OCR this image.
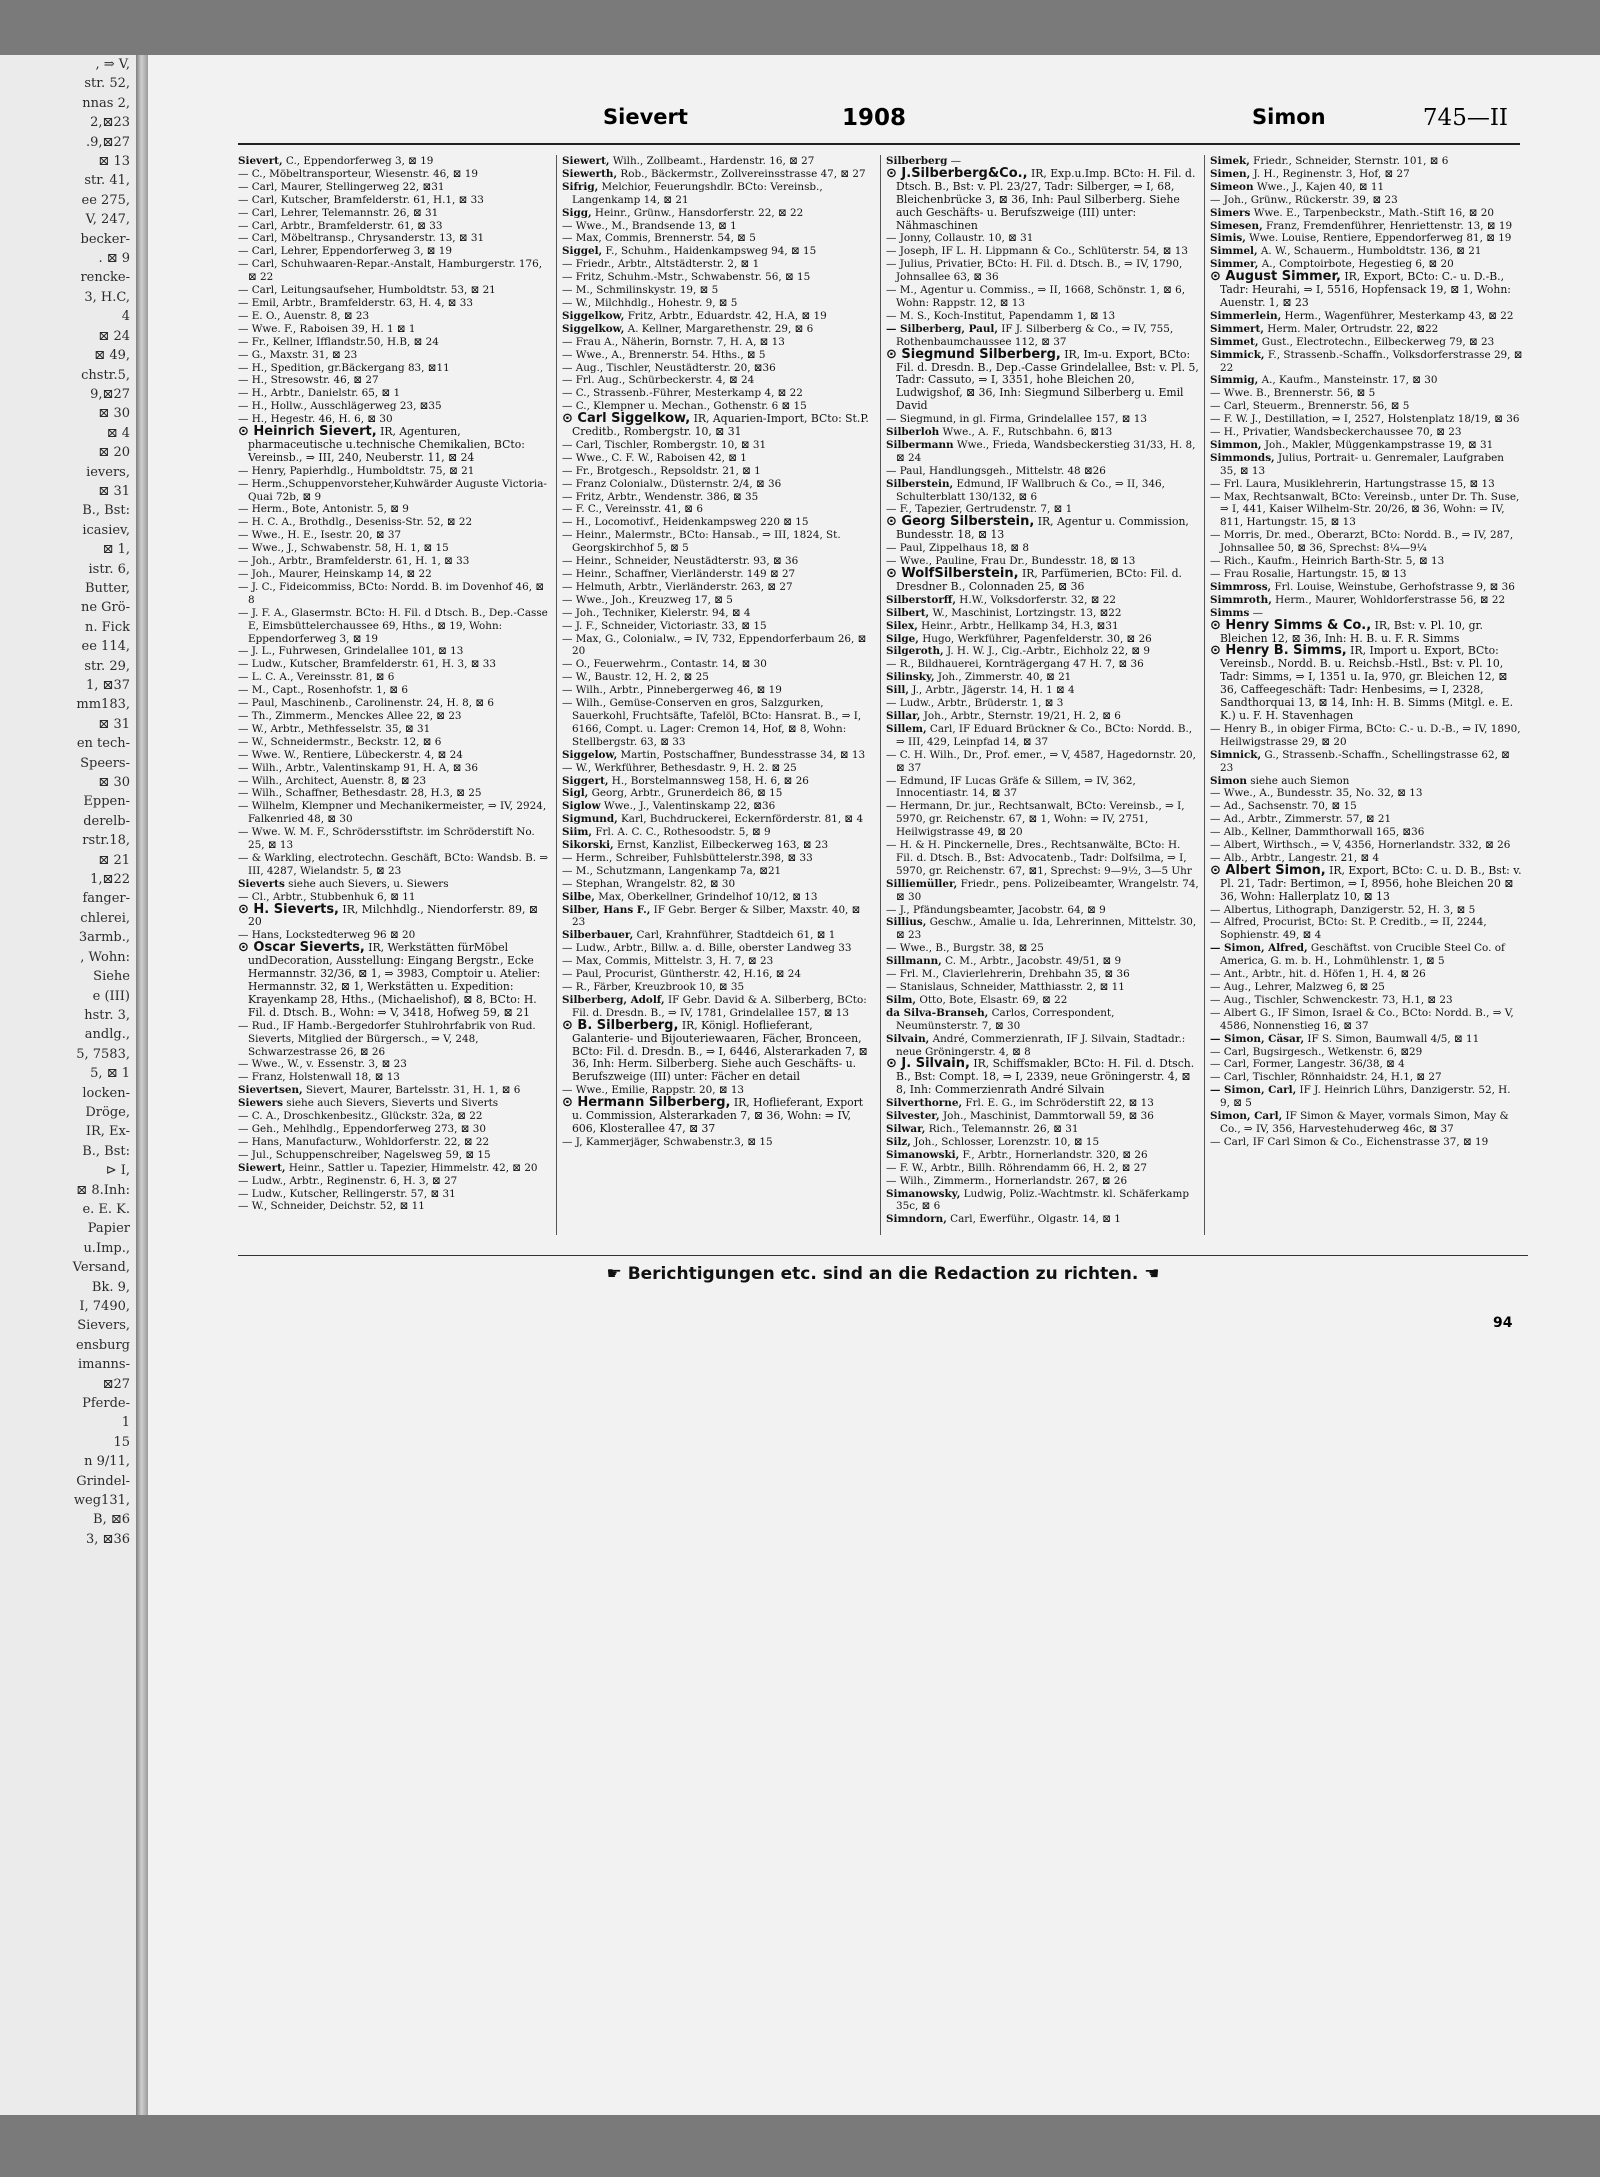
, ⇒ V,
str. 52,
nnas 2,
2,⊠23
.9,⊠27
⊠ 13
str. 41,
ee 275,
V, 247,
becker-
. ⊠ 9
rencke-
3, H.C,
4
⊠ 24
⊠ 49,
chstr.5,
9,⊠27
⊠ 30
⊠ 4
⊠ 20
ievers,
⊠ 31
B., Bst:
icasiev,
⊠ 1,
istr. 6,
Butter,
ne Grö-
n. Fick
ee 114,
str. 29,
1, ⊠37
mm183,
⊠ 31
en tech-
Speers-
⊠ 30
Eppen-
derelb-
rstr.18,
⊠ 21
1,⊠22
fanger-
chlerei,
3armb.,
, Wohn:
Siehe
e (III)
hstr. 3,
andlg.,
5, 7583,
5, ⊠ 1
locken-
Dröge,
IR, Ex-
B., Bst:
⊳ I,
⊠ 8.Inh:
e. E. K.
Papier
u.Imp.,
Versand,
Bk. 9,
I, 7490,
Sievers,
ensburg
imanns-
⊠27
Pferde-
1
15
n 9/11,
Grindel-
weg131,
B, ⊠6
3, ⊠36
Sievert	1908	Simon	745—II

Sievert, C., Eppendorferweg 3, ⊠ 19

— C., Möbeltransporteur, Wiesenstr. 46, ⊠ 19

— Carl, Maurer, Stellingerweg 22, ⊠31

— Carl, Kutscher, Bramfelderstr. 61, H.1, ⊠ 33

— Carl, Lehrer, Telemannstr. 26, ⊠ 31

— Carl, Arbtr., Bramfelderstr. 61, ⊠ 33

— Carl, Möbeltransp., Chrysanderstr. 13, ⊠ 31

— Carl, Lehrer, Eppendorferweg 3, ⊠ 19

— Carl, Schuhwaaren-Repar.-Anstalt, Hamburgerstr. 176, ⊠ 22

— Carl, Leitungsaufseher, Humboldtstr. 53, ⊠ 21

— Emil, Arbtr., Bramfelderstr. 63, H. 4, ⊠ 33

— E. O., Auenstr. 8, ⊠ 23

— Wwe. F., Raboisen 39, H. 1 ⊠ 1

— Fr., Kellner, Ifflandstr.50, H.B, ⊠ 24

— G., Maxstr. 31, ⊠ 23

— H., Spedition, gr.Bäckergang 83, ⊠11

— H., Stresowstr. 46, ⊠ 27

— H., Arbtr., Danielstr. 65, ⊠ 1

— H., Hollw., Ausschlägerweg 23, ⊠35

— H., Hegestr. 46, H. 6, ⊠ 30

⊙ Heinrich Sievert, IR, Agenturen, pharmaceutische u.technische Chemikalien, BCto: Vereinsb., ⇒ III, 240, Neuberstr. 11, ⊠ 24

— Henry, Papierhdlg., Humboldtstr. 75, ⊠ 21

— Herm.,Schuppenvorsteher,Kuhwärder Auguste Victoria-Quai 72b, ⊠ 9

— Herm., Bote, Antonistr. 5, ⊠ 9

— H. C. A., Brothdlg., Deseniss-Str. 52, ⊠ 22

— Wwe., H. E., Isestr. 20, ⊠ 37

— Wwe., J., Schwabenstr. 58, H. 1, ⊠ 15

— Joh., Arbtr., Bramfelderstr. 61, H. 1, ⊠ 33

— Joh., Maurer, Heinskamp 14, ⊠ 22

— J. C., Fideicommiss, BCto: Nordd. B. im Dovenhof 46, ⊠ 8

— J. F. A., Glasermstr. BCto: H. Fil. d Dtsch. B., Dep.-Casse E, Eimsbüttelerchaussee 69, Hths., ⊠ 19, Wohn: Eppendorferweg 3, ⊠ 19

— J. L., Fuhrwesen, Grindelallee 101, ⊠ 13

— Ludw., Kutscher, Bramfelderstr. 61, H. 3, ⊠ 33

— L. C. A., Vereinsstr. 81, ⊠ 6

— M., Capt., Rosenhofstr. 1, ⊠ 6

— Paul, Maschinenb., Carolinenstr. 24, H. 8, ⊠ 6

— Th., Zimmerm., Menckes Allee 22, ⊠ 23

— W., Arbtr., Methfesselstr. 35, ⊠ 31

— W., Schneidermstr., Beckstr. 12, ⊠ 6

— Wwe. W., Rentiere, Lübeckerstr. 4, ⊠ 24

— Wilh., Arbtr., Valentinskamp 91, H. A, ⊠ 36

— Wilh., Architect, Auenstr. 8, ⊠ 23

— Wilh., Schaffner, Bethesdastr. 28, H.3, ⊠ 25

— Wilhelm, Klempner und Mechanikermeister, ⇒ IV, 2924, Falkenried 48, ⊠ 30

— Wwe. W. M. F., Schrödersstiftstr. im Schröderstift No. 25, ⊠ 13

— & Warkling, electrotechn. Geschäft, BCto: Wandsb. B. ⇒ III, 4287, Wielandstr. 5, ⊠ 23

Sieverts siehe auch Sievers, u. Siewers

— Cl., Arbtr., Stubbenhuk 6, ⊠ 11

⊙ H. Sieverts, IR, Milchhdlg., Niendorferstr. 89, ⊠ 20

— Hans, Lockstedterweg 96 ⊠ 20

⊙ Oscar Sieverts, IR, Werkstätten fürMöbel undDecoration, Ausstellung: Eingang Bergstr., Ecke Hermannstr. 32/36, ⊠ 1, ⇒ 3983, Comptoir u. Atelier: Hermannstr. 32, ⊠ 1, Werkstätten u. Expedition: Krayenkamp 28, Hths., (Michaelishof), ⊠ 8, BCto: H. Fil. d. Dtsch. B., Wohn: ⇒ V, 3418, Hofweg 59, ⊠ 21

— Rud., IF Hamb.-Bergedorfer Stuhlrohrfabrik von Rud. Sieverts, Mitglied der Bürgersch., ⇒ V, 248, Schwarzestrasse 26, ⊠ 26

— Wwe., W., v. Essenstr. 3, ⊠ 23

— Franz, Holstenwall 18, ⊠ 13

Sievertsen, Sievert, Maurer, Bartelsstr. 31, H. 1, ⊠ 6

Siewers siehe auch Sievers, Sieverts und Siverts

— C. A., Droschkenbesitz., Glückstr. 32a, ⊠ 22

— Geh., Mehlhdlg., Eppendorferweg 273, ⊠ 30

— Hans, Manufacturw., Wohldorferstr. 22, ⊠ 22

— Jul., Schuppenschreiber, Nagelsweg 59, ⊠ 15

Siewert, Heinr., Sattler u. Tapezier, Himmelstr. 42, ⊠ 20

— Ludw., Arbtr., Reginenstr. 6, H. 3, ⊠ 27

— Ludw., Kutscher, Rellingerstr. 57, ⊠ 31

— W., Schneider, Deichstr. 52, ⊠ 11

Siewert, Wilh., Zollbeamt., Hardenstr. 16, ⊠ 27

Siewerth, Rob., Bäckermstr., Zollvereinsstrasse 47, ⊠ 27

Sifrig, Melchior, Feuerungshdlr. BCto: Vereinsb., Langenkamp 14, ⊠ 21

Sigg, Heinr., Grünw., Hansdorferstr. 22, ⊠ 22

— Wwe., M., Brandsende 13, ⊠ 1

— Max, Commis, Brennerstr. 54, ⊠ 5

Siggel, F., Schuhm., Haidenkampsweg 94, ⊠ 15

— Friedr., Arbtr., Altstädterstr. 2, ⊠ 1

— Fritz, Schuhm.-Mstr., Schwabenstr. 56, ⊠ 15

— M., Schmilinskystr. 19, ⊠ 5

— W., Milchhdlg., Hohestr. 9, ⊠ 5

Siggelkow, Fritz, Arbtr., Eduardstr. 42, H.A, ⊠ 19

Siggelkow, A. Kellner, Margarethenstr. 29, ⊠ 6

— Frau A., Näherin, Bornstr. 7, H. A, ⊠ 13

— Wwe., A., Brennerstr. 54. Hths., ⊠ 5

— Aug., Tischler, Neustädterstr. 20, ⊠36

— Frl. Aug., Schürbeckerstr. 4, ⊠ 24

— C., Strassenb.-Führer, Mesterkamp 4, ⊠ 22

— C., Klempner u. Mechan., Gothenstr. 6 ⊠ 15

⊙ Carl Siggelkow, IR, Aquarien-Import, BCto: St.P. Creditb., Rombergstr. 10, ⊠ 31

— Carl, Tischler, Rombergstr. 10, ⊠ 31

— Wwe., C. F. W., Raboisen 42, ⊠ 1

— Fr., Brotgesch., Repsoldstr. 21, ⊠ 1

— Franz Colonialw., Düsternstr. 2/4, ⊠ 36

— Fritz, Arbtr., Wendenstr. 386, ⊠ 35

— F. C., Vereinsstr. 41, ⊠ 6

— H., Locomotivf., Heidenkampsweg 220 ⊠ 15

— Heinr., Malermstr., BCto: Hansab., ⇒ III, 1824, St. Georgskirchhof 5, ⊠ 5

— Heinr., Schneider, Neustädterstr. 93, ⊠ 36

— Heinr., Schaffner, Vierländerstr. 149 ⊠ 27

— Helmuth, Arbtr., Vierländerstr. 263, ⊠ 27

— Wwe., Joh., Kreuzweg 17, ⊠ 5

— Joh., Techniker, Kielerstr. 94, ⊠ 4

— J. F., Schneider, Victoriastr. 33, ⊠ 15

— Max, G., Colonialw., ⇒ IV, 732, Eppendorferbaum 26, ⊠ 20

— O., Feuerwehrm., Contastr. 14, ⊠ 30

— W., Baustr. 12, H. 2, ⊠ 25

— Wilh., Arbtr., Pinnebergerweg 46, ⊠ 19

— Wilh., Gemüse-Conserven en gros, Salzgurken, Sauerkohl, Fruchtsäfte, Tafelöl, BCto: Hansrat. B., ⇒ I, 6166, Compt. u. Lager: Cremon 14, Hof, ⊠ 8, Wohn: Stellbergstr. 63, ⊠ 33

Siggelow, Martin, Postschaffner, Bundesstrasse 34, ⊠ 13

— W., Werkführer, Bethesdastr. 9, H. 2. ⊠ 25

Siggert, H., Borstelmannsweg 158, H. 6, ⊠ 26

Sigl, Georg, Arbtr., Grunerdeich 86, ⊠ 15

Siglow Wwe., J., Valentinskamp 22, ⊠36

Sigmund, Karl, Buchdruckerei, Eckernförderstr. 81, ⊠ 4

Siim, Frl. A. C. C., Rothesoodstr. 5, ⊠ 9

Sikorski, Ernst, Kanzlist, Eilbeckerweg 163, ⊠ 23

— Herm., Schreiber, Fuhlsbüttelerstr.398, ⊠ 33

— M., Schutzmann, Langenkamp 7a, ⊠21

— Stephan, Wrangelstr. 82, ⊠ 30

Silbe, Max, Oberkellner, Grindelhof 10/12, ⊠ 13

Silber, Hans F., IF Gebr. Berger & Silber, Maxstr. 40, ⊠ 23

Silberbauer, Carl, Krahnführer, Stadtdeich 61, ⊠ 1

— Ludw., Arbtr., Billw. a. d. Bille, oberster Landweg 33

— Max, Commis, Mittelstr. 3, H. 7, ⊠ 23

— Paul, Procurist, Güntherstr. 42, H.16, ⊠ 24

— R., Färber, Kreuzbrook 10, ⊠ 35

Silberberg, Adolf, IF Gebr. David & A. Silberberg, BCto: Fil. d. Dresdn. B., ⇒ IV, 1781, Grindelallee 157, ⊠ 13

⊙ B. Silberberg, IR, Königl. Hoflieferant, Galanterie- und Bijouteriewaaren, Fächer, Bronceen, BCto: Fil. d. Dresdn. B., ⇒ I, 6446, Alsterarkaden 7, ⊠ 36, Inh: Herm. Silberberg. Siehe auch Geschäfts- u. Berufszweige (III) unter: Fächer en detail

— Wwe., Emilie, Rappstr. 20, ⊠ 13

⊙ Hermann Silberberg, IR, Hoflieferant, Export u. Commission, Alsterarkaden 7, ⊠ 36, Wohn: ⇒ IV, 606, Klosterallee 47, ⊠ 37

— J, Kammerjäger, Schwabenstr.3, ⊠ 15

Silberberg —

⊙ J.Silberberg&Co., IR, Exp.u.Imp. BCto: H. Fil. d. Dtsch. B., Bst: v. Pl. 23/27, Tadr: Silberger, ⇒ I, 68, Bleichenbrücke 3, ⊠ 36, Inh: Paul Silberberg. Siehe auch Geschäfts- u. Berufszweige (III) unter: Nähmaschinen

— Jonny, Collaustr. 10, ⊠ 31

— Joseph, IF L. H. Lippmann & Co., Schlüterstr. 54, ⊠ 13

— Julius, Privatier, BCto: H. Fil. d. Dtsch. B., ⇒ IV, 1790, Johnsallee 63, ⊠ 36

— M., Agentur u. Commiss., ⇒ II, 1668, Schönstr. 1, ⊠ 6, Wohn: Rappstr. 12, ⊠ 13

— M. S., Koch-Institut, Papendamm 1, ⊠ 13

— Silberberg, Paul, IF J. Silberberg & Co., ⇒ IV, 755, Rothenbaumchaussee 112, ⊠ 37

⊙ Siegmund Silberberg, IR, Im-u. Export, BCto: Fil. d. Dresdn. B., Dep.-Casse Grindelallee, Bst: v. Pl. 5, Tadr: Cassuto, ⇒ I, 3351, hohe Bleichen 20, Ludwigshof, ⊠ 36, Inh: Siegmund Silberberg u. Emil David

— Siegmund, in gl. Firma, Grindelallee 157, ⊠ 13

Silberloh Wwe., A. F., Rutschbahn. 6, ⊠13

Silbermann Wwe., Frieda, Wandsbeckerstieg 31/33, H. 8, ⊠ 24

— Paul, Handlungsgeh., Mittelstr. 48 ⊠26

Silberstein, Edmund, IF Wallbruch & Co., ⇒ II, 346, Schulterblatt 130/132, ⊠ 6

— F., Tapezier, Gertrudenstr. 7, ⊠ 1

⊙ Georg Silberstein, IR, Agentur u. Commission, Bundesstr. 18, ⊠ 13

— Paul, Zippelhaus 18, ⊠ 8

— Wwe., Pauline, Frau Dr., Bundesstr. 18, ⊠ 13

⊙ WolfSilberstein, IR, Parfümerien, BCto: Fil. d. Dresdner B., Colonnaden 25, ⊠ 36

Silberstorff, H.W., Volksdorferstr. 32, ⊠ 22

Silbert, W., Maschinist, Lortzingstr. 13, ⊠22

Silex, Heinr., Arbtr., Hellkamp 34, H.3, ⊠31

Silge, Hugo, Werkführer, Pagenfelderstr. 30, ⊠ 26

Silgeroth, J. H. W. J., Cig.-Arbtr., Eichholz 22, ⊠ 9

— R., Bildhauerei, Kornträgergang 47 H. 7, ⊠ 36

Silinsky, Joh., Zimmerstr. 40, ⊠ 21

Sill, J., Arbtr., Jägerstr. 14, H. 1 ⊠ 4

— Ludw., Arbtr., Brüderstr. 1, ⊠ 3

Sillar, Joh., Arbtr., Sternstr. 19/21, H. 2, ⊠ 6

Sillem, Carl, IF Eduard Brückner & Co., BCto: Nordd. B., ⇒ III, 429, Leinpfad 14, ⊠ 37

— C. H. Wilh., Dr., Prof. emer., ⇒ V, 4587, Hagedornstr. 20, ⊠ 37

— Edmund, IF Lucas Gräfe & Sillem, ⇒ IV, 362, Innocentiastr. 14, ⊠ 37

— Hermann, Dr. jur., Rechtsanwalt, BCto: Vereinsb., ⇒ I, 5970, gr. Reichenstr. 67, ⊠ 1, Wohn: ⇒ IV, 2751, Heilwigstrasse 49, ⊠ 20

— H. & H. Pinckernelle, Dres., Rechtsanwälte, BCto: H. Fil. d. Dtsch. B., Bst: Advocatenb., Tadr: Dolfsilma, ⇒ I, 5970, gr. Reichenstr. 67, ⊠1, Sprechst: 9—9½, 3—5 Uhr

Silliemüller, Friedr., pens. Polizeibeamter, Wrangelstr. 74, ⊠ 30

— J., Pfändungsbeamter, Jacobstr. 64, ⊠ 9

Sillius, Geschw., Amalie u. Ida, Lehrerinnen, Mittelstr. 30, ⊠ 23

— Wwe., B., Burgstr. 38, ⊠ 25

Sillmann, C. M., Arbtr., Jacobstr. 49/51, ⊠ 9

— Frl. M., Clavierlehrerin, Drehbahn 35, ⊠ 36

— Stanislaus, Schneider, Matthiasstr. 2, ⊠ 11

Silm, Otto, Bote, Elsastr. 69, ⊠ 22

da Silva-Branseh, Carlos, Correspondent, Neumünsterstr. 7, ⊠ 30

Silvain, André, Commerzienrath, IF J. Silvain, Stadtadr.: neue Gröningerstr. 4, ⊠ 8

⊙ J. Silvain, IR, Schiffsmakler, BCto: H. Fil. d. Dtsch. B., Bst: Compt. 18, ⇒ I, 2339, neue Gröningerstr. 4, ⊠ 8, Inh: Commerzienrath André Silvain

Silverthorne, Frl. E. G., im Schröderstift 22, ⊠ 13

Silvester, Joh., Maschinist, Dammtorwall 59, ⊠ 36

Silwar, Rich., Telemannstr. 26, ⊠ 31

Silz, Joh., Schlosser, Lorenzstr. 10, ⊠ 15

Simanowski, F., Arbtr., Hornerlandstr. 320, ⊠ 26

— F. W., Arbtr., Billh. Röhrendamm 66, H. 2, ⊠ 27

— Wilh., Zimmerm., Hornerlandstr. 267, ⊠ 26

Simanowsky, Ludwig, Poliz.-Wachtmstr. kl. Schäferkamp 35c, ⊠ 6

Simndorn, Carl, Ewerführ., Olgastr. 14, ⊠ 1

Simek, Friedr., Schneider, Sternstr. 101, ⊠ 6

Simen, J. H., Reginenstr. 3, Hof, ⊠ 27

Simeon Wwe., J., Kajen 40, ⊠ 11

— Joh., Grünw., Rückerstr. 39, ⊠ 23

Simers Wwe. E., Tarpenbeckstr., Math.-Stift 16, ⊠ 20

Simesen, Franz, Fremdenführer, Henriettenstr. 13, ⊠ 19

Simis, Wwe. Louise, Rentiere, Eppendorferweg 81, ⊠ 19

Simmel, A. W., Schauerm., Humboldtstr. 136, ⊠ 21

Simmer, A., Comptoirbote, Hegestieg 6, ⊠ 20

⊙ August Simmer, IR, Export, BCto: C.- u. D.-B., Tadr: Heurahi, ⇒ I, 5516, Hopfensack 19, ⊠ 1, Wohn: Auenstr. 1, ⊠ 23

Simmerlein, Herm., Wagenführer, Mesterkamp 43, ⊠ 22

Simmert, Herm. Maler, Ortrudstr. 22, ⊠22

Simmet, Gust., Electrotechn., Eilbeckerweg 79, ⊠ 23

Simmick, F., Strassenb.-Schaffn., Volksdorferstrasse 29, ⊠ 22

Simmig, A., Kaufm., Mansteinstr. 17, ⊠ 30

— Wwe. B., Brennerstr. 56, ⊠ 5

— Carl, Steuerm., Brennerstr. 56, ⊠ 5

— F. W. J., Destillation, ⇒ I, 2527, Holstenplatz 18/19, ⊠ 36

— H., Privatier, Wandsbeckerchaussee 70, ⊠ 23

Simmon, Joh., Makler, Müggenkampstrasse 19, ⊠ 31

Simmonds, Julius, Portrait- u. Genremaler, Laufgraben 35, ⊠ 13

— Frl. Laura, Musiklehrerin, Hartungstrasse 15, ⊠ 13

— Max, Rechtsanwalt, BCto: Vereinsb., unter Dr. Th. Suse, ⇒ I, 441, Kaiser Wilhelm-Str. 20/26, ⊠ 36, Wohn: ⇒ IV, 811, Hartungstr. 15, ⊠ 13

— Morris, Dr. med., Oberarzt, BCto: Nordd. B., ⇒ IV, 287, Johnsallee 50, ⊠ 36, Sprechst: 8¼—9¼

— Rich., Kaufm., Heinrich Barth-Str. 5, ⊠ 13

— Frau Rosalie, Hartungstr. 15, ⊠ 13

Simmross, Frl. Louise, Weinstube, Gerhofstrasse 9, ⊠ 36

Simmroth, Herm., Maurer, Wohldorferstrasse 56, ⊠ 22

Simms —

⊙ Henry Simms & Co., IR, Bst: v. Pl. 10, gr. Bleichen 12, ⊠ 36, Inh: H. B. u. F. R. Simms

⊙ Henry B. Simms, IR, Import u. Export, BCto: Vereinsb., Nordd. B. u. Reichsb.-Hstl., Bst: v. Pl. 10, Tadr: Simms, ⇒ I, 1351 u. Ia, 970, gr. Bleichen 12, ⊠ 36, Caffeegeschäft: Tadr: Henbesims, ⇒ I, 2328, Sandthorquai 13, ⊠ 14, Inh: H. B. Simms (Mitgl. e. E. K.) u. F. H. Stavenhagen

— Henry B., in obiger Firma, BCto: C.- u. D.-B., ⇒ IV, 1890, Heilwigstrasse 29, ⊠ 20

Simnick, G., Strassenb.-Schaffn., Schellingstrasse 62, ⊠ 23

Simon siehe auch Siemon

— Wwe., A., Bundesstr. 35, No. 32, ⊠ 13

— Ad., Sachsenstr. 70, ⊠ 15

— Ad., Arbtr., Zimmerstr. 57, ⊠ 21

— Alb., Kellner, Dammthorwall 165, ⊠36

— Albert, Wirthsch., ⇒ V, 4356, Hornerlandstr. 332, ⊠ 26

— Alb., Arbtr., Langestr. 21, ⊠ 4

⊙ Albert Simon, IR, Export, BCto: C. u. D. B., Bst: v. Pl. 21, Tadr: Bertimon, ⇒ I, 8956, hohe Bleichen 20 ⊠ 36, Wohn: Hallerplatz 10, ⊠ 13

— Albertus, Lithograph, Danzigerstr. 52, H. 3, ⊠ 5

— Alfred, Procurist, BCto: St. P. Creditb., ⇒ II, 2244, Sophienstr. 49, ⊠ 4

— Simon, Alfred, Geschäftst. von Crucible Steel Co. of America, G. m. b. H., Lohmühlenstr. 1, ⊠ 5

— Ant., Arbtr., hit. d. Höfen 1, H. 4, ⊠ 26

— Aug., Lehrer, Malzweg 6, ⊠ 25

— Aug., Tischler, Schwenckestr. 73, H.1, ⊠ 23

— Albert G., IF Simon, Israel & Co., BCto: Nordd. B., ⇒ V, 4586, Nonnenstieg 16, ⊠ 37

— Simon, Cäsar, IF S. Simon, Baumwall 4/5, ⊠ 11

— Carl, Bugsirgesch., Wetkenstr. 6, ⊠29

— Carl, Former, Langestr. 36/38, ⊠ 4

— Carl, Tischler, Rönnhaidstr. 24, H.1, ⊠ 27

— Simon, Carl, IF J. Heinrich Lührs, Danzigerstr. 52, H. 9, ⊠ 5

Simon, Carl, IF Simon & Mayer, vormals Simon, May & Co., ⇒ IV, 356, Harvestehuderweg 46c, ⊠ 37

— Carl, IF Carl Simon & Co., Eichenstrasse 37, ⊠ 19

☛ Berichtigungen etc. sind an die Redaction zu richten. ☚
94
